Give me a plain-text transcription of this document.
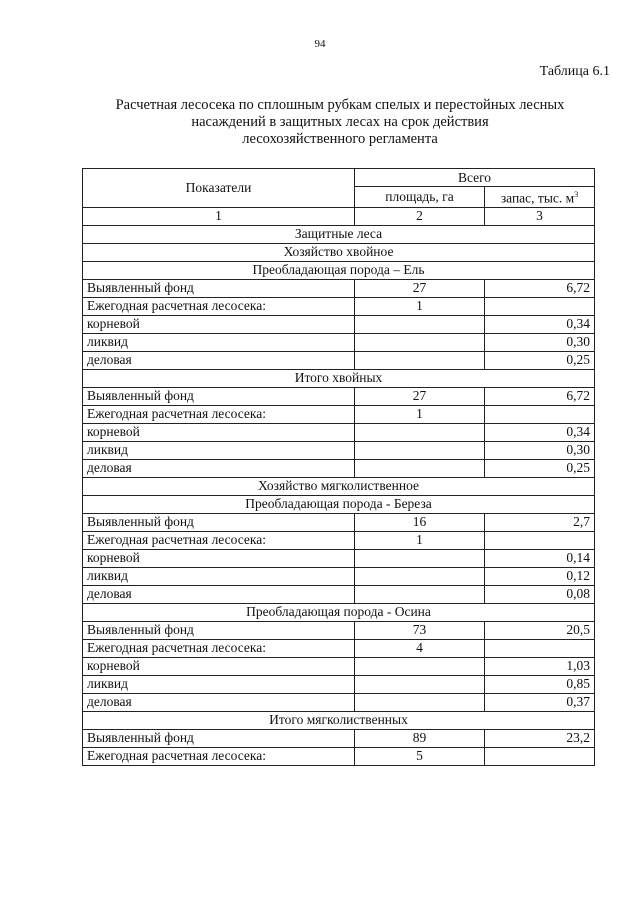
94
Таблица 6.1
Расчетная лесосека по сплошным рубкам спелых и перестойных лесных
насаждений в защитных лесах на срок действия
лесохозяйственного регламента
Показатели	Всего	
	площадь, га	запас, тыс. $м^3$
1	2	3
Защитные леса		
Хозяйство хвойное		
Преобладающая порода – Ель		
Выявленный фонд	27	6,72
Ежегодная расчетная лесосека:	1	
корневой		0,34
ликвид		0,30
деловая		0,25
Итого хвойных		
Выявленный фонд	27	6,72
Ежегодная расчетная лесосека:	1	
корневой		0,34
ликвид		0,30
деловая		0,25
Хозяйство мягколиственное		
Преобладающая порода - Береза		
Выявленный фонд	16	2,7
Ежегодная расчетная лесосека:	1	
корневой		0,14
ликвид		0,12
деловая		0,08
Преобладающая порода - Осина		
Выявленный фонд	73	20,5
Ежегодная расчетная лесосека:	4	
корневой		1,03
ликвид		0,85
деловая		0,37
Итого мягколиственных		
Выявленный фонд	89	23,2
Ежегодная расчетная лесосека:	5	
